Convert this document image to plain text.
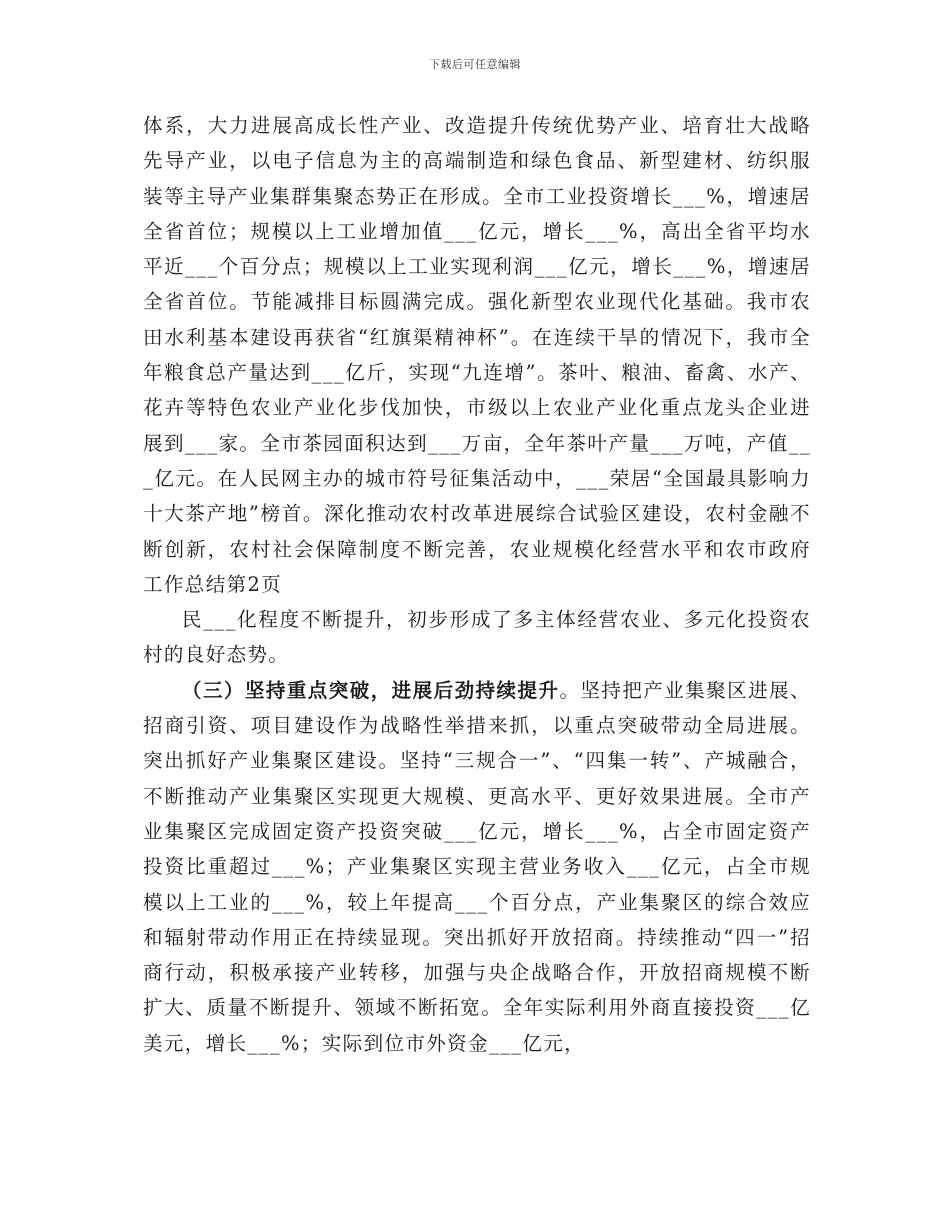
下载后可任意编辑

体系，大力进展高成长性产业、改造提升传统优势产业、培育壮大战略先导产业，以电子信息为主的高端制造和绿色食品、新型建材、纺织服装等主导产业集群集聚态势正在形成。全市工业投资增长___%，增速居全省首位；规模以上工业增加值___亿元，增长___%，高出全省平均水平近___个百分点；规模以上工业实现利润___亿元，增长___%，增速居全省首位。节能减排目标圆满完成。强化新型农业现代化基础。我市农田水利基本建设再获省“红旗渠精神杯”。在连续干旱的情况下，我市全年粮食总产量达到___亿斤，实现“九连增”。茶叶、粮油、畜禽、水产、花卉等特色农业产业化步伐加快，市级以上农业产业化重点龙头企业进展到___家。全市茶园面积达到___万亩，全年茶叶产量___万吨，产值___亿元。在人民网主办的城市符号征集活动中，___荣居“全国最具影响力十大茶产地”榜首。深化推动农村改革进展综合试验区建设，农村金融不断创新，农村社会保障制度不断完善，农业规模化经营水平和农市政府工作总结第2页

民___化程度不断提升，初步形成了多主体经营农业、多元化投资农村的良好态势。

（三）坚持重点突破，进展后劲持续提升。坚持把产业集聚区进展、招商引资、项目建设作为战略性举措来抓，以重点突破带动全局进展。突出抓好产业集聚区建设。坚持“三规合一”、“四集一转”、产城融合，不断推动产业集聚区实现更大规模、更高水平、更好效果进展。全市产业集聚区完成固定资产投资突破___亿元，增长___%，占全市固定资产投资比重超过___%；产业集聚区实现主营业务收入___亿元，占全市规模以上工业的___%，较上年提高___个百分点，产业集聚区的综合效应和辐射带动作用正在持续显现。突出抓好开放招商。持续推动“四一”招商行动，积极承接产业转移，加强与央企战略合作，开放招商规模不断扩大、质量不断提升、领域不断拓宽。全年实际利用外商直接投资___亿美元，增长___%；实际到位市外资金___亿元，
